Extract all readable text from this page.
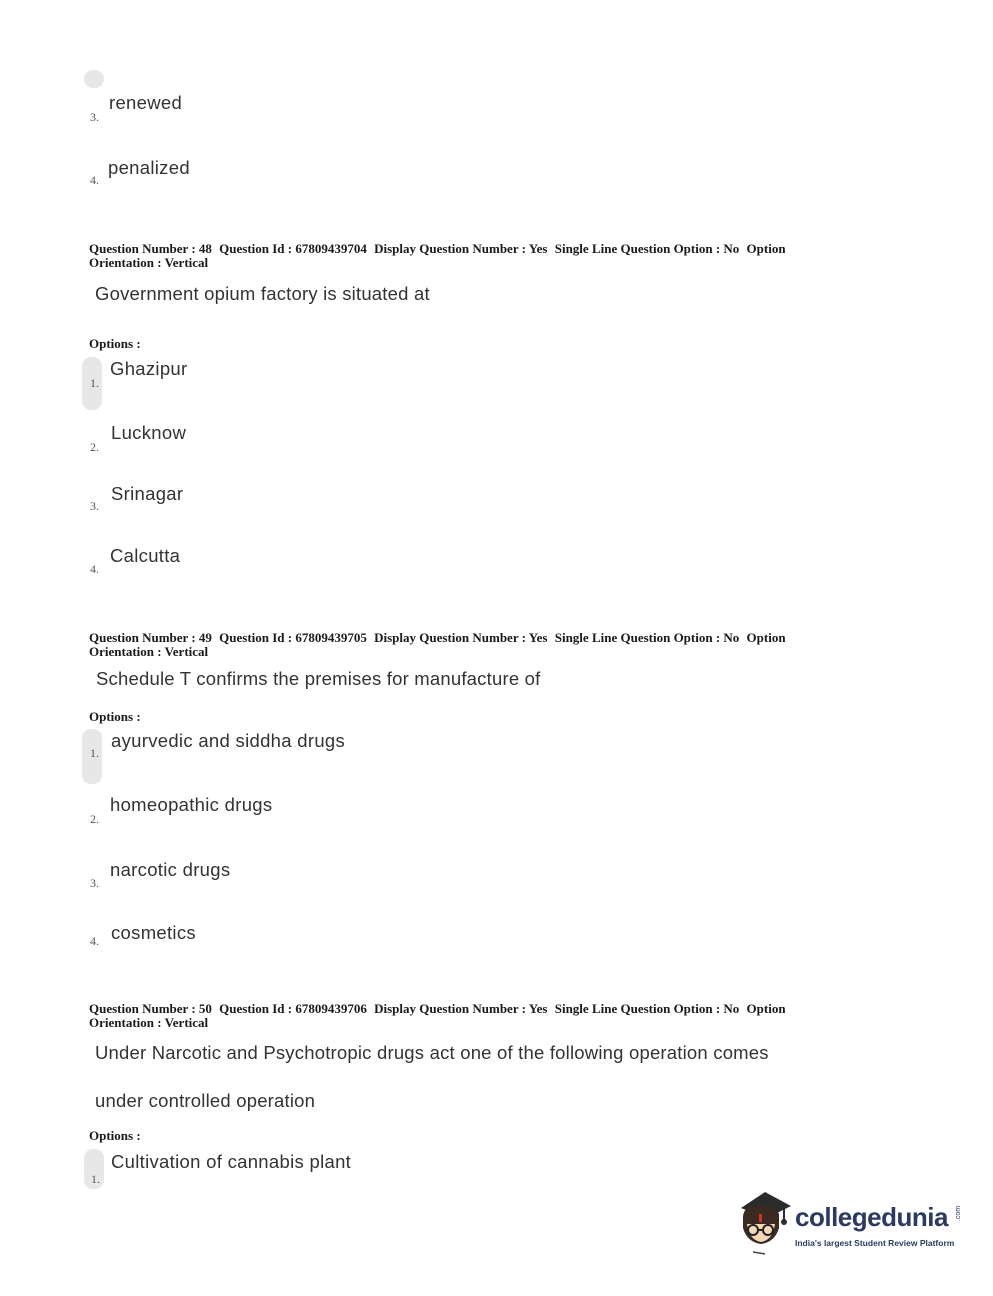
3.
renewed
4.
penalized
Question Number : 48 Question Id : 67809439704 Display Question Number : Yes Single Line Question Option : No Option
Orientation : Vertical
Government opium factory is situated at
Options :
1.
Ghazipur
2.
Lucknow
3.
Srinagar
4.
Calcutta
Question Number : 49 Question Id : 67809439705 Display Question Number : Yes Single Line Question Option : No Option
Orientation : Vertical
Schedule T confirms the premises for manufacture of
Options :
1.
ayurvedic and siddha drugs
2.
homeopathic drugs
3.
narcotic drugs
4. cosmetics
Question Number : 50 Question Id : 67809439706 Display Question Number : Yes Single Line Question Option : No Option
Orientation : Vertical
Under Narcotic and Psychotropic drugs act one of the following operation comes
under controlled operation
Options :
1.
Cultivation of cannabis plant
collegedunia .com
India's largest Student Review Platform
